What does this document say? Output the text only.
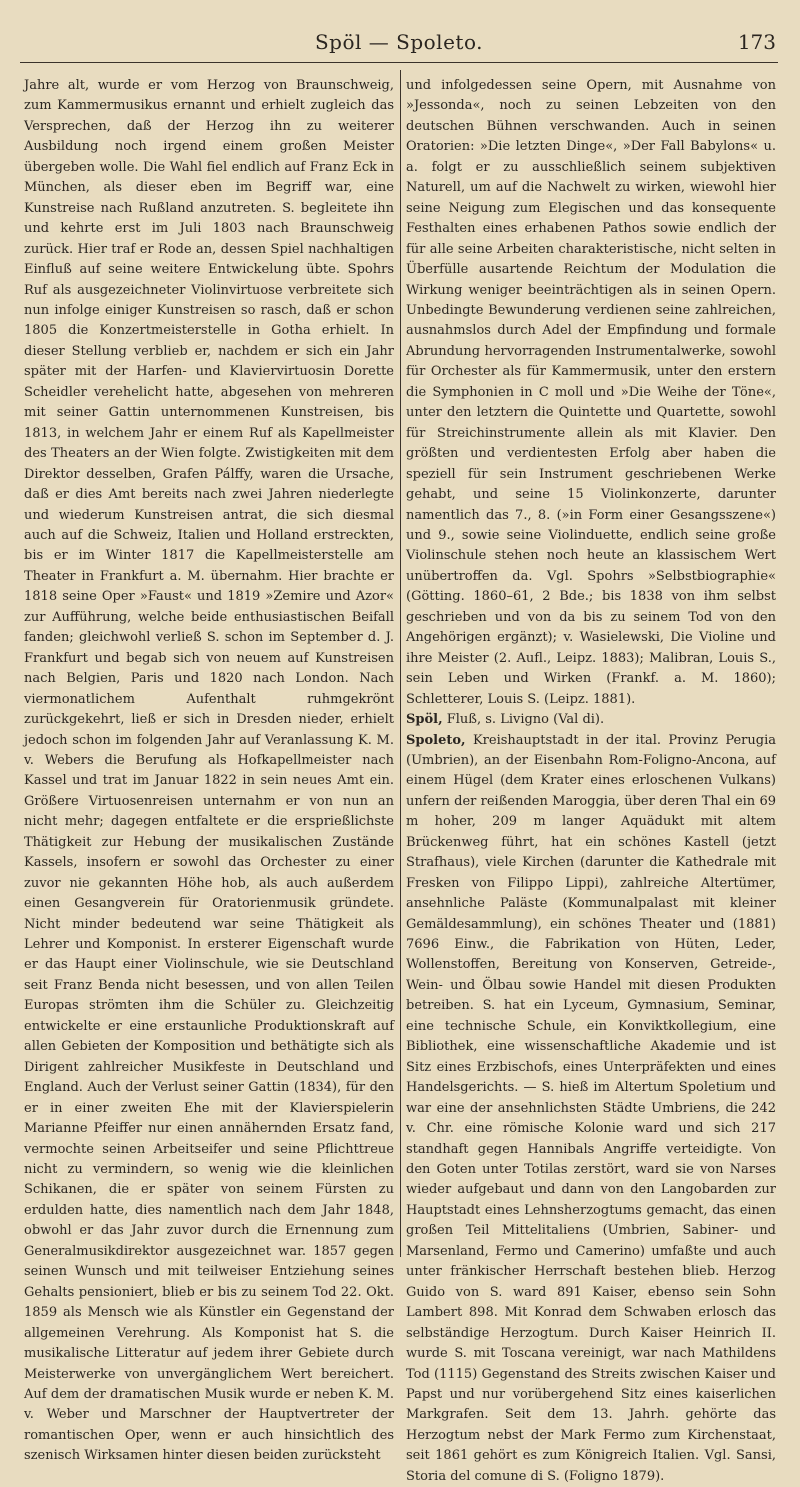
Spöl — Spoleto.	173

Jahre alt, wurde er vom Herzog von Braunschweig, zum Kammermusikus ernannt und erhielt zugleich das Versprechen, daß der Herzog ihn zu weiterer Ausbildung noch irgend einem großen Meister übergeben wolle. Die Wahl fiel endlich auf Franz Eck in München, als dieser eben im Begriff war, eine Kunstreise nach Rußland anzutreten. S. begleitete ihn und kehrte erst im Juli 1803 nach Braunschweig zurück. Hier traf er Rode an, dessen Spiel nachhaltigen Einfluß auf seine weitere Entwickelung übte. Spohrs Ruf als ausgezeichneter Violinvirtuose verbreitete sich nun infolge einiger Kunstreisen so rasch, daß er schon 1805 die Konzertmeisterstelle in Gotha erhielt. In dieser Stellung verblieb er, nachdem er sich ein Jahr später mit der Harfen- und Klaviervirtuosin Dorette Scheidler verehelicht hatte, abgesehen von mehreren mit seiner Gattin unternommenen Kunstreisen, bis 1813, in welchem Jahr er einem Ruf als Kapellmeister des Theaters an der Wien folgte. Zwistigkeiten mit dem Direktor desselben, Grafen Pálffy, waren die Ursache, daß er dies Amt bereits nach zwei Jahren niederlegte und wiederum Kunstreisen antrat, die sich diesmal auch auf die Schweiz, Italien und Holland erstreckten, bis er im Winter 1817 die Kapellmeisterstelle am Theater in Frankfurt a. M. übernahm. Hier brachte er 1818 seine Oper »Faust« und 1819 »Zemire und Azor« zur Aufführung, welche beide enthusiastischen Beifall fanden; gleichwohl verließ S. schon im September d. J. Frankfurt und begab sich von neuem auf Kunstreisen nach Belgien, Paris und 1820 nach London. Nach viermonatlichem Aufenthalt ruhmgekrönt zurückgekehrt, ließ er sich in Dresden nieder, erhielt jedoch schon im folgenden Jahr auf Veranlassung K. M. v. Webers die Berufung als Hofkapellmeister nach Kassel und trat im Januar 1822 in sein neues Amt ein. Größere Virtuosenreisen unternahm er von nun an nicht mehr; dagegen entfaltete er die ersprießlichste Thätigkeit zur Hebung der musikalischen Zustände Kassels, insofern er sowohl das Orchester zu einer zuvor nie gekannten Höhe hob, als auch außerdem einen Gesangverein für Oratorienmusik gründete. Nicht minder bedeutend war seine Thätigkeit als Lehrer und Komponist. In ersterer Eigenschaft wurde er das Haupt einer Violinschule, wie sie Deutschland seit Franz Benda nicht besessen, und von allen Teilen Europas strömten ihm die Schüler zu. Gleichzeitig entwickelte er eine erstaunliche Produktionskraft auf allen Gebieten der Komposition und bethätigte sich als Dirigent zahlreicher Musikfeste in Deutschland und England. Auch der Verlust seiner Gattin (1834), für den er in einer zweiten Ehe mit der Klavierspielerin Marianne Pfeiffer nur einen annähernden Ersatz fand, vermochte seinen Arbeitseifer und seine Pflichttreue nicht zu vermindern, so wenig wie die kleinlichen Schikanen, die er später von seinem Fürsten zu erdulden hatte, dies namentlich nach dem Jahr 1848, obwohl er das Jahr zuvor durch die Ernennung zum Generalmusikdirektor ausgezeichnet war. 1857 gegen seinen Wunsch und mit teilweiser Entziehung seines Gehalts pensioniert, blieb er bis zu seinem Tod 22. Okt. 1859 als Mensch wie als Künstler ein Gegenstand der allgemeinen Verehrung. Als Komponist hat S. die musikalische Litteratur auf jedem ihrer Gebiete durch Meisterwerke von unvergänglichem Wert bereichert. Auf dem der dramatischen Musik wurde er neben K. M. v. Weber und Marschner der Hauptvertreter der romantischen Oper, wenn er auch hinsichtlich des szenisch Wirksamen hinter diesen beiden zurücksteht

und infolgedessen seine Opern, mit Ausnahme von »Jessonda«, noch zu seinen Lebzeiten von den deutschen Bühnen verschwanden. Auch in seinen Oratorien: »Die letzten Dinge«, »Der Fall Babylons« u. a. folgt er zu ausschließlich seinem subjektiven Naturell, um auf die Nachwelt zu wirken, wiewohl hier seine Neigung zum Elegischen und das konsequente Festhalten eines erhabenen Pathos sowie endlich der für alle seine Arbeiten charakteristische, nicht selten in Überfülle ausartende Reichtum der Modulation die Wirkung weniger beeinträchtigen als in seinen Opern. Unbedingte Bewunderung verdienen seine zahlreichen, ausnahmslos durch Adel der Empfindung und formale Abrundung hervorragenden Instrumentalwerke, sowohl für Orchester als für Kammermusik, unter den erstern die Symphonien in C moll und »Die Weihe der Töne«, unter den letztern die Quintette und Quartette, sowohl für Streichinstrumente allein als mit Klavier. Den größten und verdientesten Erfolg aber haben die speziell für sein Instrument geschriebenen Werke gehabt, und seine 15 Violinkonzerte, darunter namentlich das 7., 8. (»in Form einer Gesangsszene«) und 9., sowie seine Violinduette, endlich seine große Violinschule stehen noch heute an klassischem Wert unübertroffen da. Vgl. Spohrs »Selbstbiographie« (Götting. 1860–61, 2 Bde.; bis 1838 von ihm selbst geschrieben und von da bis zu seinem Tod von den Angehörigen ergänzt); v. Wasielewski, Die Violine und ihre Meister (2. Aufl., Leipz. 1883); Malibran, Louis S., sein Leben und Wirken (Frankf. a. M. 1860); Schletterer, Louis S. (Leipz. 1881).

Spöl, Fluß, s. Livigno (Val di).

Spoleto, Kreishauptstadt in der ital. Provinz Perugia (Umbrien), an der Eisenbahn Rom-Foligno-Ancona, auf einem Hügel (dem Krater eines erloschenen Vulkans) unfern der reißenden Maroggia, über deren Thal ein 69 m hoher, 209 m langer Aquädukt mit altem Brückenweg führt, hat ein schönes Kastell (jetzt Strafhaus), viele Kirchen (darunter die Kathedrale mit Fresken von Filippo Lippi), zahlreiche Altertümer, ansehnliche Paläste (Kommunalpalast mit kleiner Gemäldesammlung), ein schönes Theater und (1881) 7696 Einw., die Fabrikation von Hüten, Leder, Wollenstoffen, Bereitung von Konserven, Getreide-, Wein- und Ölbau sowie Handel mit diesen Produkten betreiben. S. hat ein Lyceum, Gymnasium, Seminar, eine technische Schule, ein Konviktkollegium, eine Bibliothek, eine wissenschaftliche Akademie und ist Sitz eines Erzbischofs, eines Unterpräfekten und eines Handelsgerichts. — S. hieß im Altertum Spoletium und war eine der ansehnlichsten Städte Umbriens, die 242 v. Chr. eine römische Kolonie ward und sich 217 standhaft gegen Hannibals Angriffe verteidigte. Von den Goten unter Totilas zerstört, ward sie von Narses wieder aufgebaut und dann von den Langobarden zur Hauptstadt eines Lehnsherzogtums gemacht, das einen großen Teil Mittelitaliens (Umbrien, Sabiner- und Marsenland, Fermo und Camerino) umfaßte und auch unter fränkischer Herrschaft bestehen blieb. Herzog Guido von S. ward 891 Kaiser, ebenso sein Sohn Lambert 898. Mit Konrad dem Schwaben erlosch das selbständige Herzogtum. Durch Kaiser Heinrich II. wurde S. mit Toscana vereinigt, war nach Mathildens Tod (1115) Gegenstand des Streits zwischen Kaiser und Papst und nur vorübergehend Sitz eines kaiserlichen Markgrafen. Seit dem 13. Jahrh. gehörte das Herzogtum nebst der Mark Fermo zum Kirchenstaat, seit 1861 gehört es zum Königreich Italien. Vgl. Sansi, Storia del comune di S. (Foligno 1879).
